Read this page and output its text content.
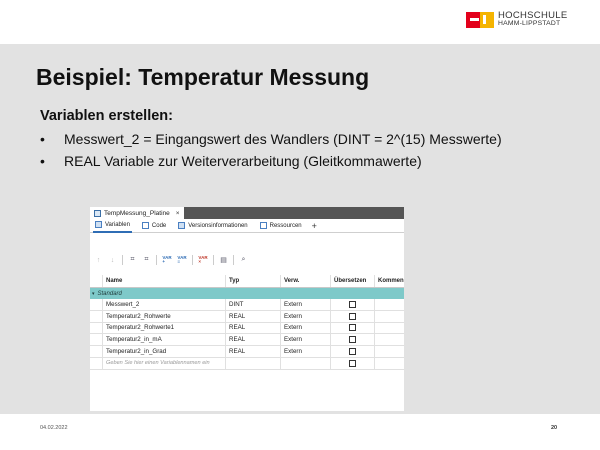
HOCHSCHULE
HAMM-LIPPSTADT
Beispiel: Temperatur Messung
Variablen erstellen:
•	Messwert_2 = Eingangswert des Wandlers (DINT = 2^(15) Messwerte)
•	REAL Variable zur Weiterverarbeitung (Gleitkommawerte)
TempMessung_Platine ×
Variablen	Code	Versionsinformationen	Ressourcen +
↑	↓	⌗	⌗	VAR
+
VAR
≡
VAR
×	▤	⌕
Name	Typ	Verw.	Übersetzen	Kommen
▾ Standard
Messwert_2	DINT	Extern
Temperatur2_Rohwerte	REAL	Extern
Temperatur2_Rohwerte1	REAL	Extern
Temperatur2_in_mA	REAL	Extern
Temperatur2_in_Grad	REAL	Extern
Geben Sie hier einen Variablennamen ein
04.02.2022	20
